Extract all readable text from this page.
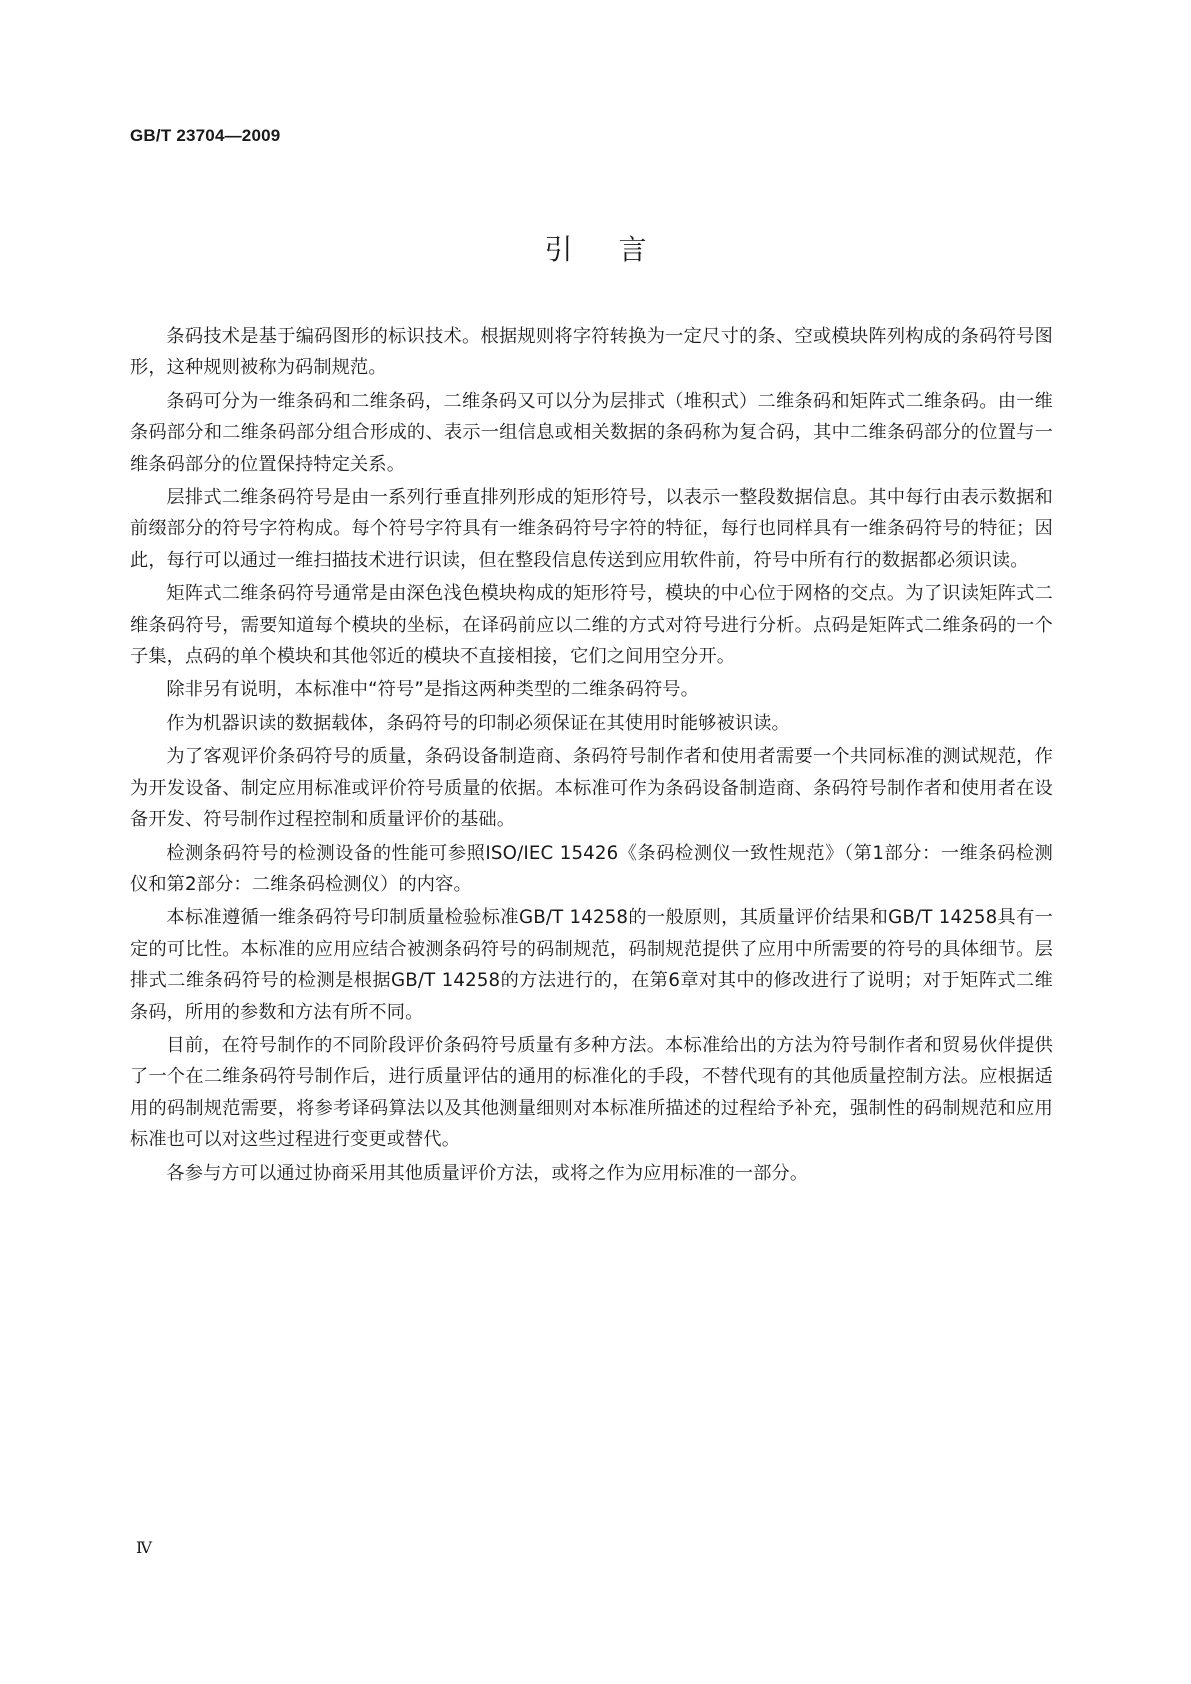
GB/T 23704—2009
引言

条码技术是基于编码图形的标识技术。根据规则将字符转换为一定尺寸的条、空或模块阵列构成的条码符号图形，这种规则被称为码制规范。

条码可分为一维条码和二维条码，二维条码又可以分为层排式（堆积式）二维条码和矩阵式二维条码。由一维条码部分和二维条码部分组合形成的、表示一组信息或相关数据的条码称为复合码，其中二维条码部分的位置与一维条码部分的位置保持特定关系。

层排式二维条码符号是由一系列行垂直排列形成的矩形符号，以表示一整段数据信息。其中每行由表示数据和前缀部分的符号字符构成。每个符号字符具有一维条码符号字符的特征，每行也同样具有一维条码符号的特征；因此，每行可以通过一维扫描技术进行识读，但在整段信息传送到应用软件前，符号中所有行的数据都必须识读。

矩阵式二维条码符号通常是由深色浅色模块构成的矩形符号，模块的中心位于网格的交点。为了识读矩阵式二维条码符号，需要知道每个模块的坐标，在译码前应以二维的方式对符号进行分析。点码是矩阵式二维条码的一个子集，点码的单个模块和其他邻近的模块不直接相接，它们之间用空分开。

除非另有说明，本标准中“符号”是指这两种类型的二维条码符号。

作为机器识读的数据载体，条码符号的印制必须保证在其使用时能够被识读。

为了客观评价条码符号的质量，条码设备制造商、条码符号制作者和使用者需要一个共同标准的测试规范，作为开发设备、制定应用标准或评价符号质量的依据。本标准可作为条码设备制造商、条码符号制作者和使用者在设备开发、符号制作过程控制和质量评价的基础。

检测条码符号的检测设备的性能可参照ISO/IEC 15426《条码检测仪一致性规范》（第1部分：一维条码检测仪和第2部分：二维条码检测仪）的内容。

本标准遵循一维条码符号印制质量检验标准GB/T 14258的一般原则，其质量评价结果和GB/T 14258具有一定的可比性。本标准的应用应结合被测条码符号的码制规范，码制规范提供了应用中所需要的符号的具体细节。层排式二维条码符号的检测是根据GB/T 14258的方法进行的，在第6章对其中的修改进行了说明；对于矩阵式二维条码，所用的参数和方法有所不同。

目前，在符号制作的不同阶段评价条码符号质量有多种方法。本标准给出的方法为符号制作者和贸易伙伴提供了一个在二维条码符号制作后，进行质量评估的通用的标准化的手段，不替代现有的其他质量控制方法。应根据适用的码制规范需要，将参考译码算法以及其他测量细则对本标准所描述的过程给予补充，强制性的码制规范和应用标准也可以对这些过程进行变更或替代。

各参与方可以通过协商采用其他质量评价方法，或将之作为应用标准的一部分。

Ⅳ
